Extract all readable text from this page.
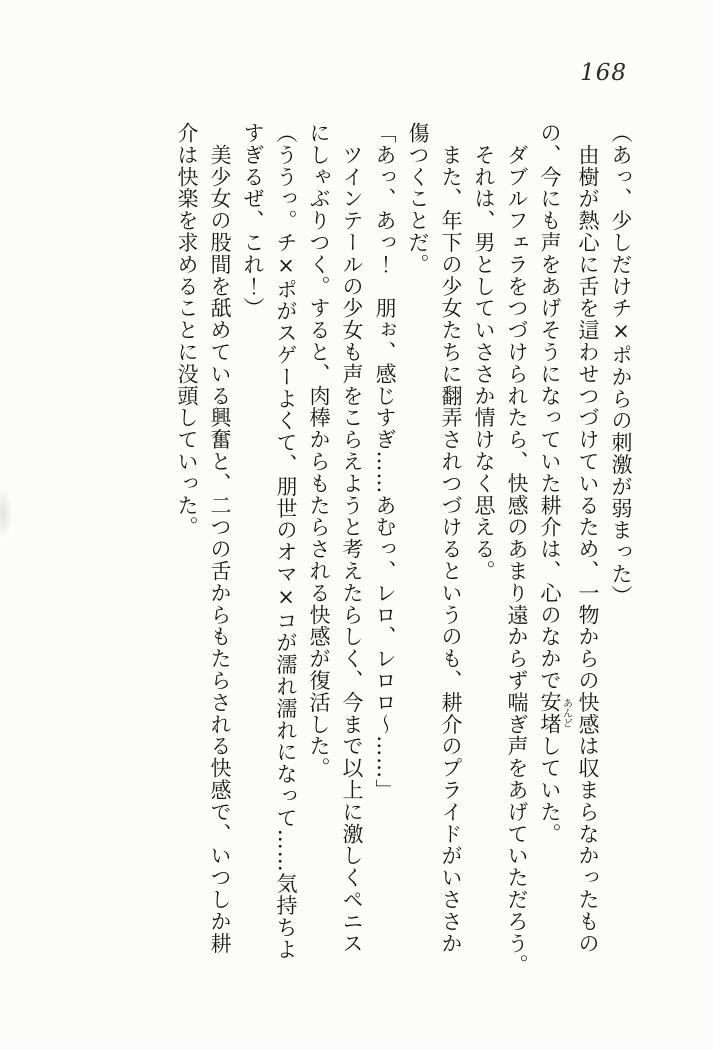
168
（あっ、少しだけチ×ポからの刺激が弱まった）
　由樹が熱心に舌を這わせつづけているため、一物からの快感は収まらなかったもの
の、今にも声をあげそうになっていた耕介は、心のなかで安堵あんどしていた。
　ダブルフェラをつづけられたら、快感のあまり遠からず喘ぎ声をあげていただろう。
　それは、男としていささか情けなく思える。
　また、年下の少女たちに翻弄されつづけるというのも、耕介のプライドがいささか
傷つくことだ。
「あっ、あっ！　朋ぉ、感じすぎ……あむっ、レロ、レロロ～……」
　ツインテールの少女も声をこらえようと考えたらしく、今まで以上に激しくペニス
にしゃぶりつく。すると、肉棒からもたらされる快感が復活した。
（ううっ。チ×ポがスゲーよくて、朋世のオマ×コが濡れ濡れになって……気持ちよ
すぎるぜ、これ！）
　美少女の股間を舐めている興奮と、二つの舌からもたらされる快感で、いつしか耕
介は快楽を求めることに没頭していった。
